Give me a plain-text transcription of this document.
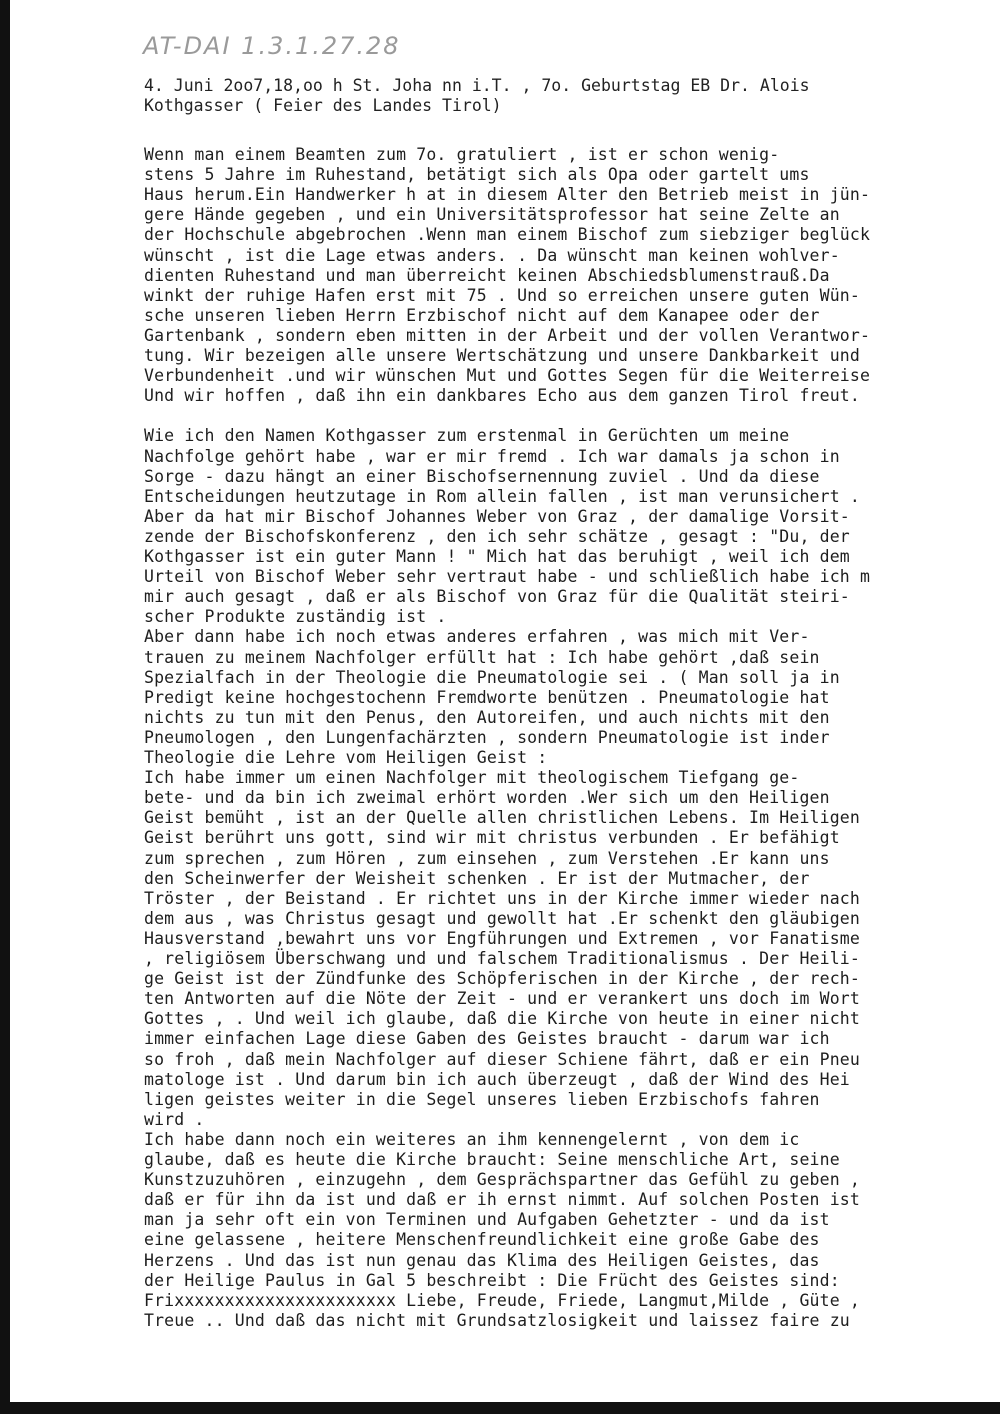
AT-DAI 1.3.1.27.28
4. Juni 2oo7,18,oo h St. Joha nn i.T. , 7o. Geburtstag EB Dr. Alois
Kothgasser ( Feier des Landes Tirol)
Wenn man einem Beamten zum 7o. gratuliert , ist er schon wenig-
stens 5 Jahre im Ruhestand, betätigt sich als Opa oder gartelt ums
Haus herum.Ein Handwerker h at in diesem Alter den Betrieb meist in jün-
gere Hände gegeben , und ein Universitätsprofessor hat seine Zelte an
der Hochschule abgebrochen .Wenn man einem Bischof zum siebziger beglück
wünscht , ist die Lage etwas anders. . Da wünscht man keinen wohlver-
dienten Ruhestand und man überreicht keinen Abschiedsblumenstrauß.Da
winkt der ruhige Hafen erst mit 75 . Und so erreichen unsere guten Wün-
sche unseren lieben Herrn Erzbischof nicht auf dem Kanapee oder der
Gartenbank , sondern eben mitten in der Arbeit und der vollen Verantwor-
tung. Wir bezeigen alle unsere Wertschätzung und unsere Dankbarkeit und
Verbundenheit .und wir wünschen Mut und Gottes Segen für die Weiterreise
Und wir hoffen , daß ihn ein dankbares Echo aus dem ganzen Tirol freut.
Wie ich den Namen Kothgasser zum erstenmal in Gerüchten um meine
Nachfolge gehört habe , war er mir fremd . Ich war damals ja schon in
Sorge - dazu hängt an einer Bischofsernennung zuviel . Und da diese
Entscheidungen heutzutage in Rom allein fallen , ist man verunsichert .
Aber da hat mir Bischof Johannes Weber von Graz , der damalige Vorsit-
zende der Bischofskonferenz , den ich sehr schätze , gesagt : "Du, der
Kothgasser ist ein guter Mann ! " Mich hat das beruhigt , weil ich dem
Urteil von Bischof Weber sehr vertraut habe - und schließlich habe ich m
mir auch gesagt , daß er als Bischof von Graz für die Qualität steiri-
scher Produkte zuständig ist .
Aber dann habe ich noch etwas anderes erfahren , was mich mit Ver-
trauen zu meinem Nachfolger erfüllt hat : Ich habe gehört ,daß sein
Spezialfach in der Theologie die Pneumatologie sei . ( Man soll ja in
Predigt keine hochgestochenn Fremdworte benützen . Pneumatologie hat
nichts zu tun mit den Penus, den Autoreifen, und auch nichts mit den
Pneumologen , den Lungenfachärzten , sondern Pneumatologie ist inder
Theologie die Lehre vom Heiligen Geist :
Ich habe immer um einen Nachfolger mit theologischem Tiefgang ge-
bete- und da bin ich zweimal erhört worden .Wer sich um den Heiligen
Geist bemüht , ist an der Quelle allen christlichen Lebens. Im Heiligen
Geist berührt uns gott, sind wir mit christus verbunden . Er befähigt
zum sprechen , zum Hören , zum einsehen , zum Verstehen .Er kann uns
den Scheinwerfer der Weisheit schenken . Er ist der Mutmacher, der
Tröster , der Beistand . Er richtet uns in der Kirche immer wieder nach
dem aus , was Christus gesagt und gewollt hat .Er schenkt den gläubigen
Hausverstand ,bewahrt uns vor Engführungen und Extremen , vor Fanatisme
, religiösem Überschwang und und falschem Traditionalismus . Der Heili-
ge Geist ist der Zündfunke des Schöpferischen in der Kirche , der rech-
ten Antworten auf die Nöte der Zeit - und er verankert uns doch im Wort
Gottes , . Und weil ich glaube, daß die Kirche von heute in einer nicht
immer einfachen Lage diese Gaben des Geistes braucht - darum war ich
so froh , daß mein Nachfolger auf dieser Schiene fährt, daß er ein Pneu
matologe ist . Und darum bin ich auch überzeugt , daß der Wind des Hei
ligen geistes weiter in die Segel unseres lieben Erzbischofs fahren
wird .
Ich habe dann noch ein weiteres an ihm kennengelernt , von dem ic
glaube, daß es heute die Kirche braucht: Seine menschliche Art, seine
Kunstzuzuhören , einzugehn , dem Gesprächspartner das Gefühl zu geben ,
daß er für ihn da ist und daß er ih ernst nimmt. Auf solchen Posten ist
man ja sehr oft ein von Terminen und Aufgaben Gehetzter - und da ist
eine gelassene , heitere Menschenfreundlichkeit eine große Gabe des
Herzens . Und das ist nun genau das Klima des Heiligen Geistes, das
der Heilige Paulus in Gal 5 beschreibt : Die Frücht des Geistes sind:
Frixxxxxxxxxxxxxxxxxxxxxx Liebe, Freude, Friede, Langmut,Milde , Güte ,
Treue .. Und daß das nicht mit Grundsatzlosigkeit und laissez faire zu
